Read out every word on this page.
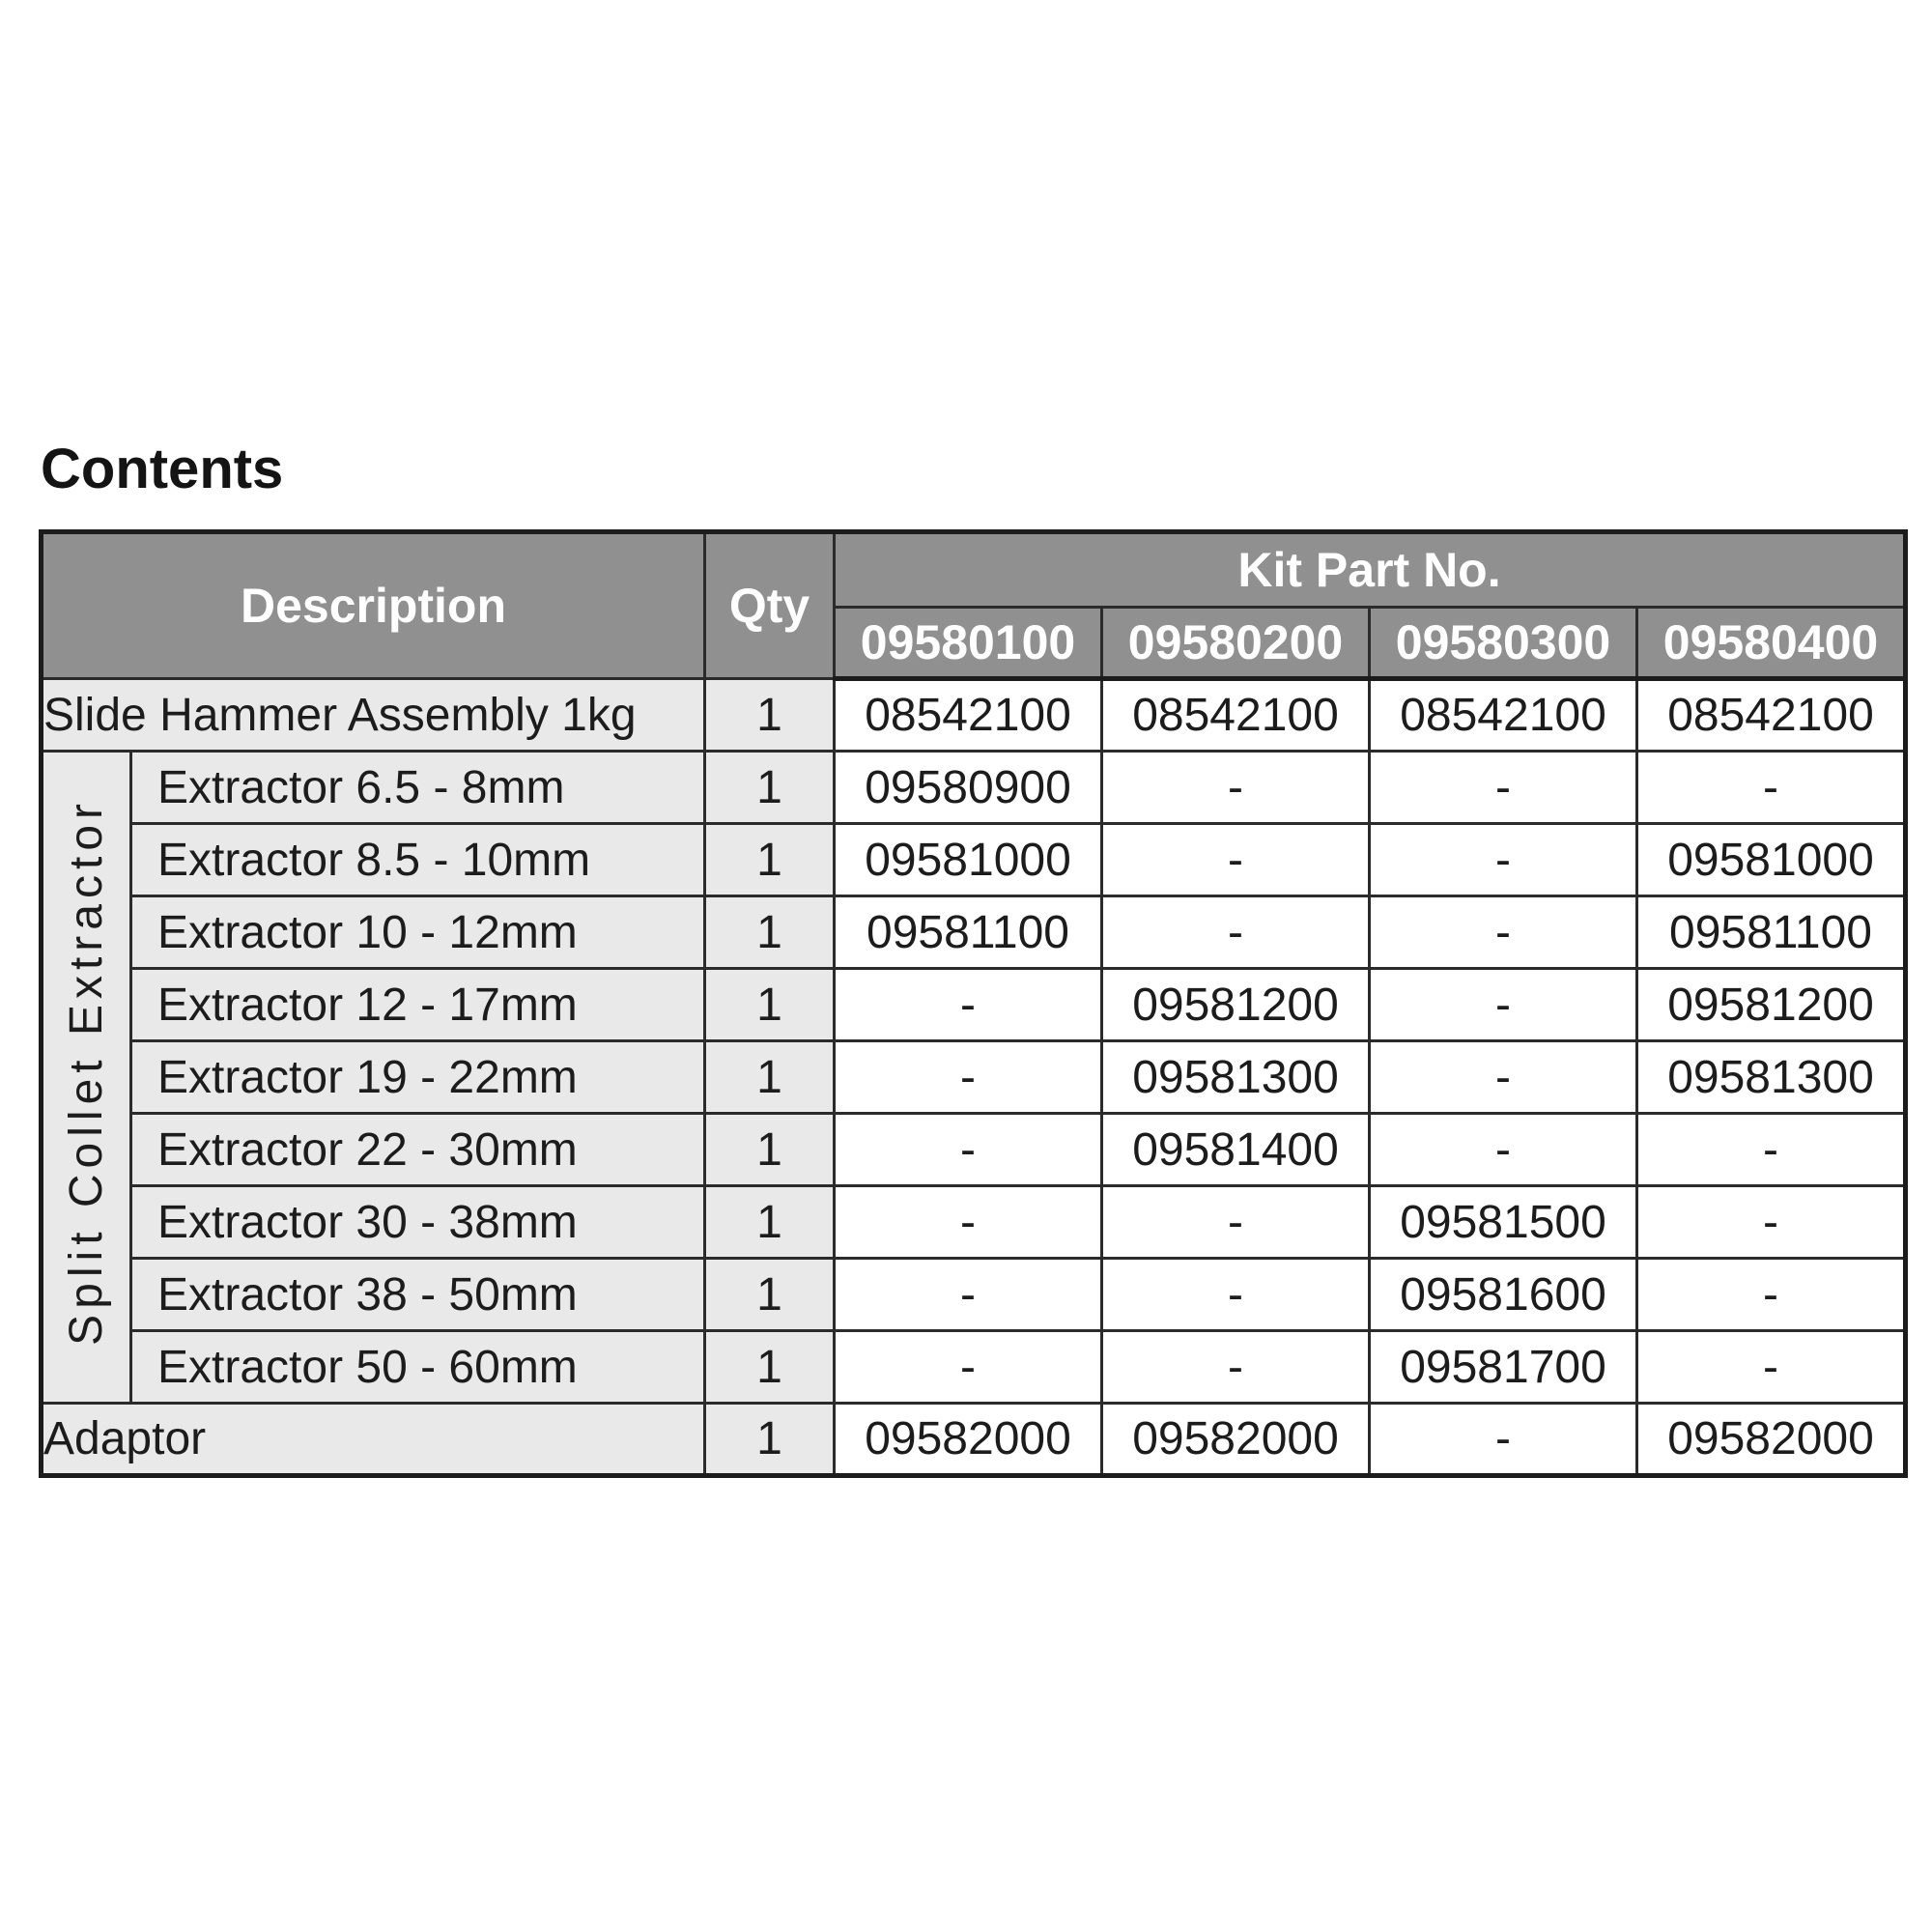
Contents
Description		Qty	Kit Part No.			
			09580100	09580200	09580300	09580400
Slide Hammer Assembly 1kg		1	08542100	08542100	08542100	08542100
Split Collet Extractor	Extractor 6.5 - 8mm	1	09580900	-	-	-
	Extractor 8.5 - 10mm	1	09581000	-	-	09581000
	Extractor 10 - 12mm	1	09581100	-	-	09581100
	Extractor 12 - 17mm	1	-	09581200	-	09581200
	Extractor 19 - 22mm	1	-	09581300	-	09581300
	Extractor 22 - 30mm	1	-	09581400	-	-
	Extractor 30 - 38mm	1	-	-	09581500	-
	Extractor 38 - 50mm	1	-	-	09581600	-
	Extractor 50 - 60mm	1	-	-	09581700	-
Adaptor		1	09582000	09582000	-	09582000
